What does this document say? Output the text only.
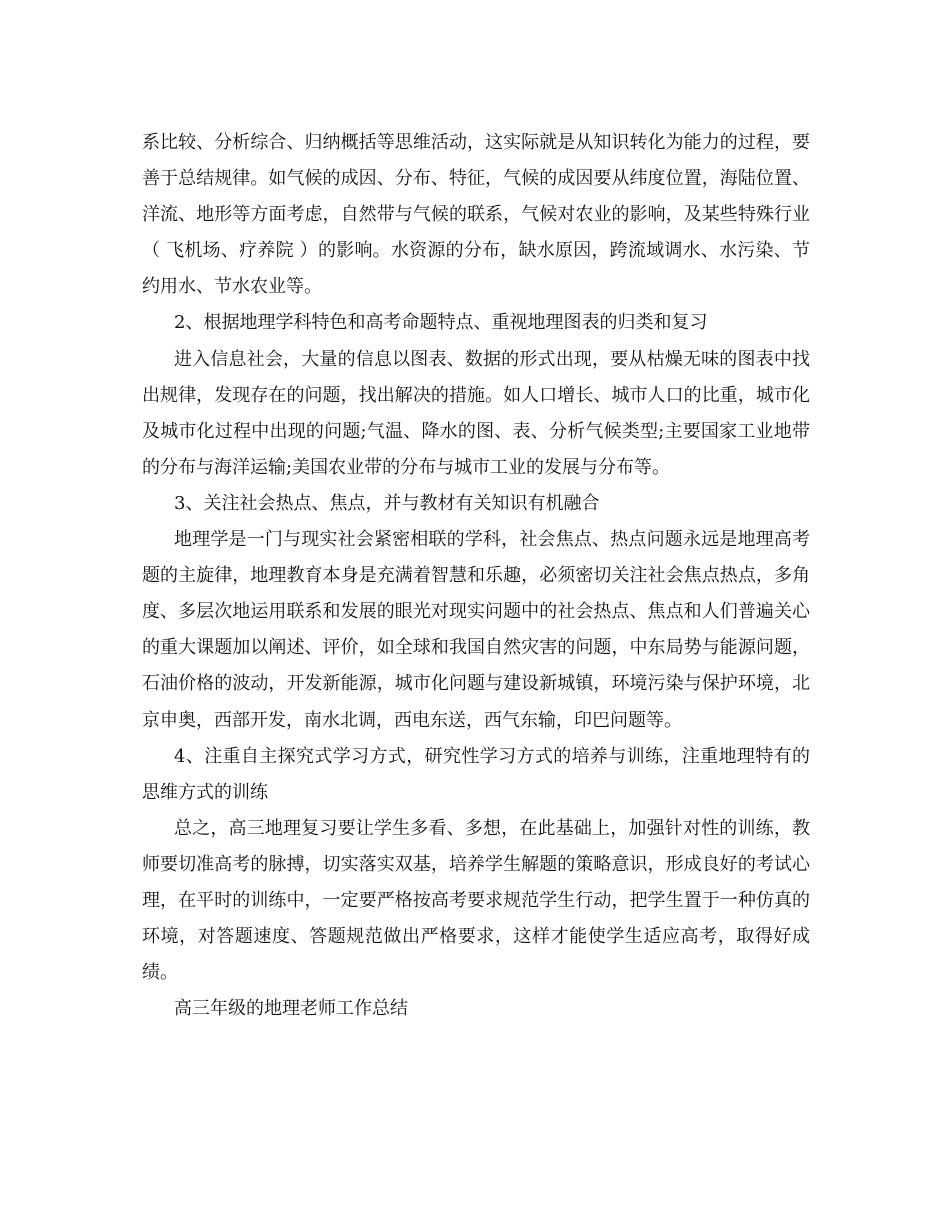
系比较、分析综合、归纳概括等思维活动，这实际就是从知识转化为能力的过程，要善于总结规律。如气候的成因、分布、特征，气候的成因要从纬度位置，海陆位置、洋流、地形等方面考虑，自然带与气候的联系，气候对农业的影响，及某些特殊行业（ 飞机场、疗养院 ）的影响。水资源的分布，缺水原因，跨流域调水、水污染、节约用水、节水农业等。

2、根据地理学科特色和高考命题特点、重视地理图表的归类和复习

进入信息社会，大量的信息以图表、数据的形式出现，要从枯燥无味的图表中找出规律，发现存在的问题，找出解决的措施。如人口增长、城市人口的比重，城市化及城市化过程中出现的问题;气温、降水的图、表、分析气候类型;主要国家工业地带的分布与海洋运输;美国农业带的分布与城市工业的发展与分布等。

3、关注社会热点、焦点，并与教材有关知识有机融合

地理学是一门与现实社会紧密相联的学科，社会焦点、热点问题永远是地理高考题的主旋律，地理教育本身是充满着智慧和乐趣，必须密切关注社会焦点热点，多角度、多层次地运用联系和发展的眼光对现实问题中的社会热点、焦点和人们普遍关心的重大课题加以阐述、评价，如全球和我国自然灾害的问题，中东局势与能源问题，石油价格的波动，开发新能源，城市化问题与建设新城镇，环境污染与保护环境，北京申奥，西部开发，南水北调，西电东送，西气东输，印巴问题等。

4、注重自主探究式学习方式，研究性学习方式的培养与训练，注重地理特有的思维方式的训练

总之，高三地理复习要让学生多看、多想，在此基础上，加强针对性的训练，教师要切准高考的脉搏，切实落实双基，培养学生解题的策略意识，形成良好的考试心理，在平时的训练中，一定要严格按高考要求规范学生行动，把学生置于一种仿真的环境，对答题速度、答题规范做出严格要求，这样才能使学生适应高考，取得好成绩。

高三年级的地理老师工作总结
